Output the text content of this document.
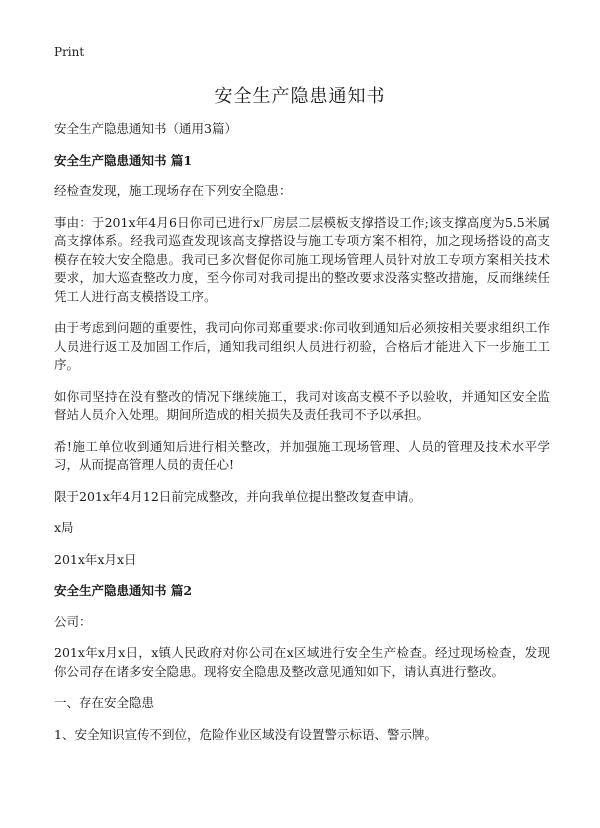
Print
安全生产隐患通知书

安全生产隐患通知书（通用3篇）

安全生产隐患通知书 篇1

经检查发现，施工现场存在下列安全隐患：

事由：于201x年4月6日你司已进行x厂房层二层模板支撑搭设工作;该支撑高度为5.5米属高支撑体系。经我司巡查发现该高支撑搭设与施工专项方案不相符，加之现场搭设的高支模存在较大安全隐患。我司已多次督促你司施工现场管理人员针对放工专项方案相关技术要求，加大巡查整改力度，至今你司对我司提出的整改要求没落实整改措施，反而继续任凭工人进行高支模搭设工序。

由于考虑到问题的重要性，我司向你司郑重要求:你司收到通知后必须按相关要求组织工作人员进行返工及加固工作后，通知我司组织人员进行初验，合格后才能进入下一步施工工序。

如你司坚持在没有整改的情况下继续施工，我司对该高支模不予以验收，并通知区安全监督站人员介入处理。期间所造成的相关损失及责任我司不予以承担。

希!施工单位收到通知后进行相关整改，并加强施工现场管理、人员的管理及技术水平学习，从而提高管理人员的责任心!

限于201x年4月12日前完成整改，并向我单位提出整改复查申请。

x局

201x年x月x日

安全生产隐患通知书 篇2

公司：

201x年x月x日，x镇人民政府对你公司在x区域进行安全生产检查。经过现场检查，发现你公司存在诸多安全隐患。现将安全隐患及整改意见通知如下，请认真进行整改。

一、存在安全隐患

1、安全知识宣传不到位，危险作业区域没有设置警示标语、警示牌。
